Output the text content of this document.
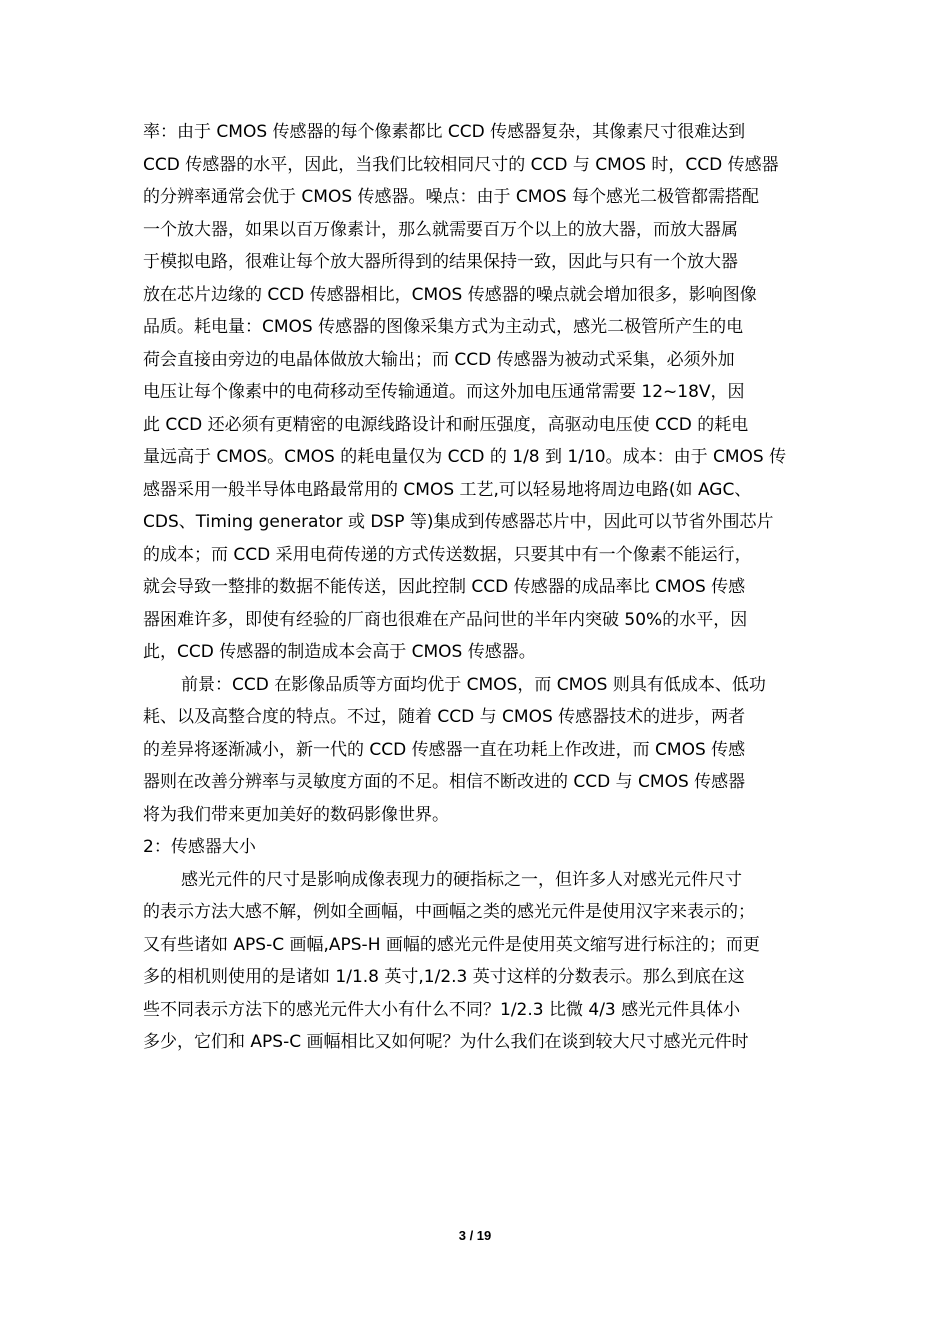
率：由于 CMOS 传感器的每个像素都比 CCD 传感器复杂，其像素尺寸很难达到
CCD 传感器的水平，因此，当我们比较相同尺寸的 CCD 与 CMOS 时，CCD 传感器
的分辨率通常会优于 CMOS 传感器。噪点：由于 CMOS 每个感光二极管都需搭配
一个放大器，如果以百万像素计，那么就需要百万个以上的放大器，而放大器属
于模拟电路，很难让每个放大器所得到的结果保持一致，因此与只有一个放大器
放在芯片边缘的 CCD 传感器相比，CMOS 传感器的噪点就会增加很多，影响图像
品质。耗电量：CMOS 传感器的图像采集方式为主动式，感光二极管所产生的电
荷会直接由旁边的电晶体做放大输出；而 CCD 传感器为被动式采集，必须外加
电压让每个像素中的电荷移动至传输通道。而这外加电压通常需要 12~18V，因
此 CCD 还必须有更精密的电源线路设计和耐压强度，高驱动电压使 CCD 的耗电
量远高于 CMOS。CMOS 的耗电量仅为 CCD 的 1/8 到 1/10。成本：由于 CMOS 传
感器采用一般半导体电路最常用的 CMOS 工艺,可以轻易地将周边电路(如 AGC、
CDS、Timing generator 或 DSP 等)集成到传感器芯片中，因此可以节省外围芯片
的成本；而 CCD 采用电荷传递的方式传送数据，只要其中有一个像素不能运行，
就会导致一整排的数据不能传送，因此控制 CCD 传感器的成品率比 CMOS 传感
器困难许多，即使有经验的厂商也很难在产品问世的半年内突破 50%的水平，因
此，CCD 传感器的制造成本会高于 CMOS 传感器。
前景：CCD 在影像品质等方面均优于 CMOS，而 CMOS 则具有低成本、低功
耗、以及高整合度的特点。不过，随着 CCD 与 CMOS 传感器技术的进步，两者
的差异将逐渐减小，新一代的 CCD 传感器一直在功耗上作改进，而 CMOS 传感
器则在改善分辨率与灵敏度方面的不足。相信不断改进的 CCD 与 CMOS 传感器
将为我们带来更加美好的数码影像世界。
2：传感器大小
感光元件的尺寸是影响成像表现力的硬指标之一，但许多人对感光元件尺寸
的表示方法大感不解，例如全画幅，中画幅之类的感光元件是使用汉字来表示的；
又有些诸如 APS-C 画幅,APS-H 画幅的感光元件是使用英文缩写进行标注的；而更
多的相机则使用的是诸如 1/1.8 英寸,1/2.3 英寸这样的分数表示。那么到底在这
些不同表示方法下的感光元件大小有什么不同？1/2.3 比微 4/3 感光元件具体小
多少，它们和 APS-C 画幅相比又如何呢？为什么我们在谈到较大尺寸感光元件时
3 / 19
